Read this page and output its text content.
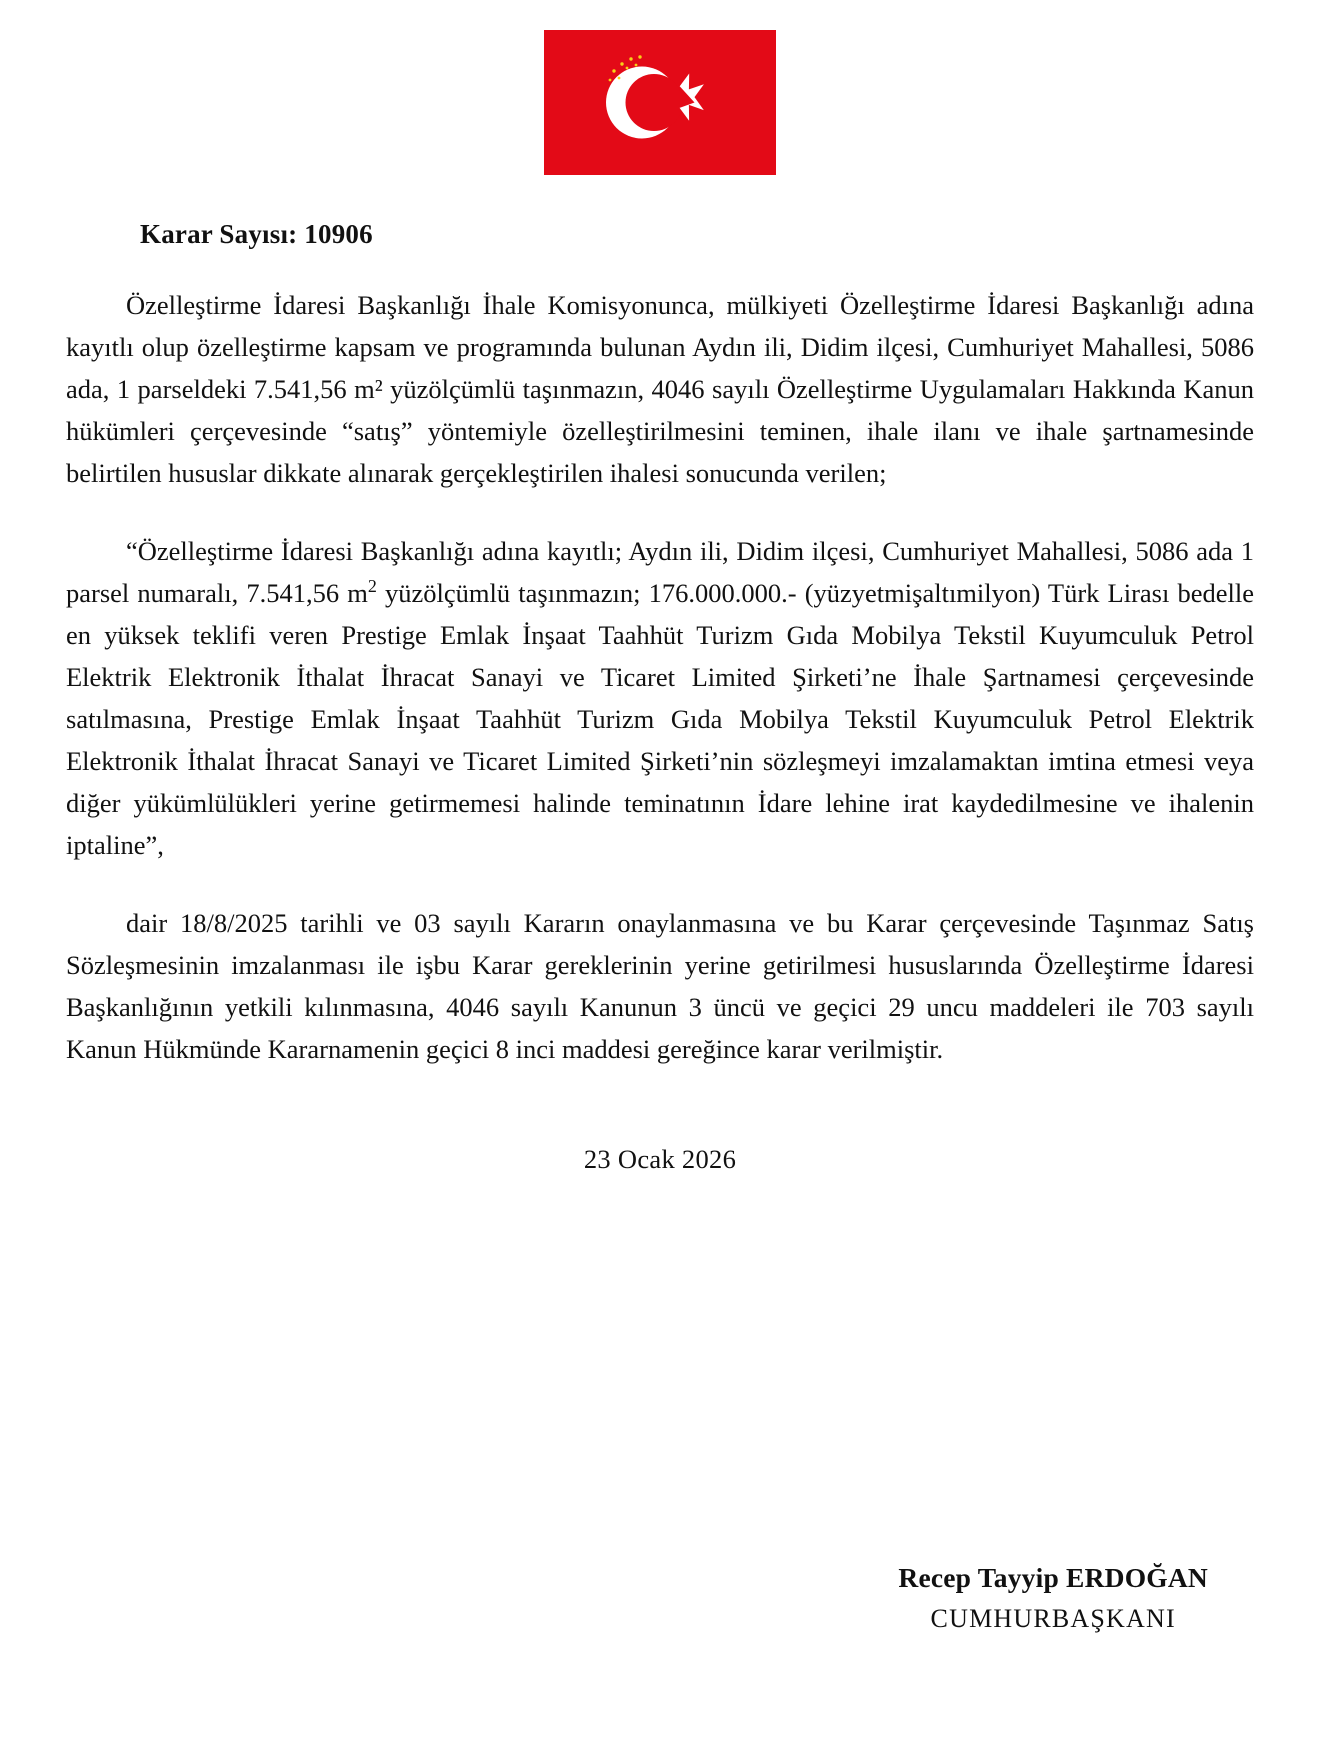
Karar Sayısı: 10906

Özelleştirme İdaresi Başkanlığı İhale Komisyonunca, mülkiyeti Özelleştirme İdaresi Başkanlığı adına kayıtlı olup özelleştirme kapsam ve programında bulunan Aydın ili, Didim ilçesi, Cumhuriyet Mahallesi, 5086 ada, 1 parseldeki 7.541,56 m² yüzölçümlü taşınmazın, 4046 sayılı Özelleştirme Uygulamaları Hakkında Kanun hükümleri çerçevesinde “satış” yöntemiyle özelleştirilmesini teminen, ihale ilanı ve ihale şartnamesinde belirtilen hususlar dikkate alınarak gerçekleştirilen ihalesi sonucunda verilen;

“Özelleştirme İdaresi Başkanlığı adına kayıtlı; Aydın ili, Didim ilçesi, Cumhuriyet Mahallesi, 5086 ada 1 parsel numaralı, 7.541,56 $m^2$ yüzölçümlü taşınmazın; 176.000.000.- (yüzyetmişaltımilyon) Türk Lirası bedelle en yüksek teklifi veren Prestige Emlak İnşaat Taahhüt Turizm Gıda Mobilya Tekstil Kuyumculuk Petrol Elektrik Elektronik İthalat İhracat Sanayi ve Ticaret Limited Şirketi’ne İhale Şartnamesi çerçevesinde satılmasına, Prestige Emlak İnşaat Taahhüt Turizm Gıda Mobilya Tekstil Kuyumculuk Petrol Elektrik Elektronik İthalat İhracat Sanayi ve Ticaret Limited Şirketi’nin sözleşmeyi imzalamaktan imtina etmesi veya diğer yükümlülükleri yerine getirmemesi halinde teminatının İdare lehine irat kaydedilmesine ve ihalenin iptaline”,

dair 18/8/2025 tarihli ve 03 sayılı Kararın onaylanmasına ve bu Karar çerçevesinde Taşınmaz Satış Sözleşmesinin imzalanması ile işbu Karar gereklerinin yerine getirilmesi hususlarında Özelleştirme İdaresi Başkanlığının yetkili kılınmasına, 4046 sayılı Kanunun 3 üncü ve geçici 29 uncu maddeleri ile 703 sayılı Kanun Hükmünde Kararnamenin geçici 8 inci maddesi gereğince karar verilmiştir.

23 Ocak 2026
Recep Tayyip ERDOĞAN
CUMHURBAŞKANI
